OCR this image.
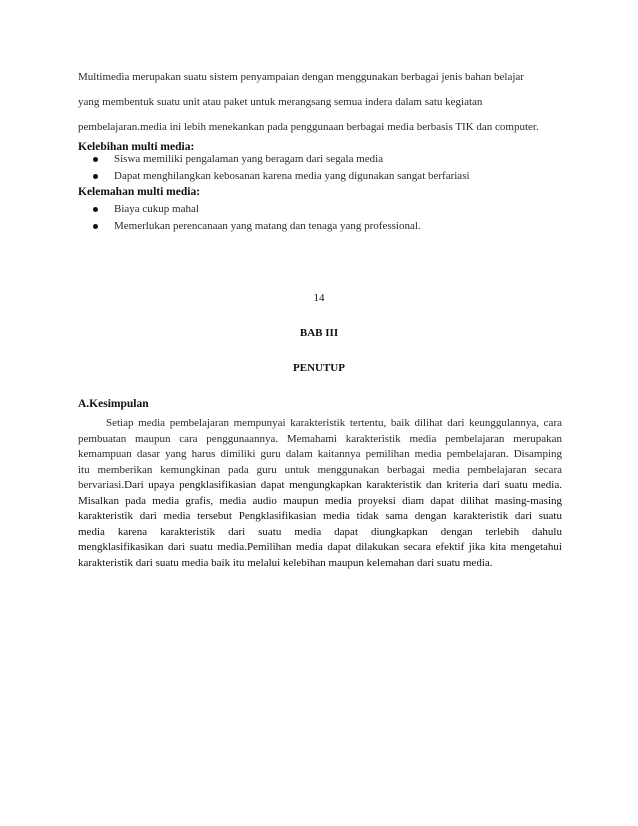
Multimedia merupakan suatu sistem penyampaian dengan menggunakan berbagai jenis bahan belajar
yang membentuk suatu unit atau paket untuk merangsang semua indera dalam satu kegiatan
pembelajaran.media ini lebih menekankan pada penggunaan berbagai media berbasis TIK dan computer.
Kelebihan multi media:
Siswa memiliki pengalaman yang beragam dari segala media
Dapat menghilangkan kebosanan karena media yang digunakan sangat berfariasi
Kelemahan multi media:
Biaya cukup mahal
Memerlukan perencanaan yang matang dan tenaga yang professional.
14
BAB III
PENUTUP
A.Kesimpulan
Setiap media pembelajaran mempunyai karakteristik tertentu, baik dilihat dari keunggulannya, cara
pembuatan maupun cara penggunaannya. Memahami karakteristik media pembelajaran merupakan
kemampuan dasar yang harus dimiliki guru dalam kaitannya pemilihan media pembelajaran. Disamping
itu memberikan kemungkinan pada guru untuk menggunakan berbagai media pembelajaran secara
bervariasi.Dari upaya pengklasifikasian dapat mengungkapkan karakteristik dan kriteria dari suatu media.
Misalkan pada media grafis, media audio maupun media proyeksi diam dapat dilihat masing-masing
karakteristik dari media tersebut Pengklasifikasian media tidak sama dengan karakteristik dari suatu
media karena karakteristik dari suatu media dapat diungkapkan dengan terlebih dahulu
mengklasifikasikan dari suatu media.Pemilihan media dapat dilakukan secara efektif jika kita mengetahui
karakteristik dari suatu media baik itu melalui kelebihan maupun kelemahan dari suatu media.
